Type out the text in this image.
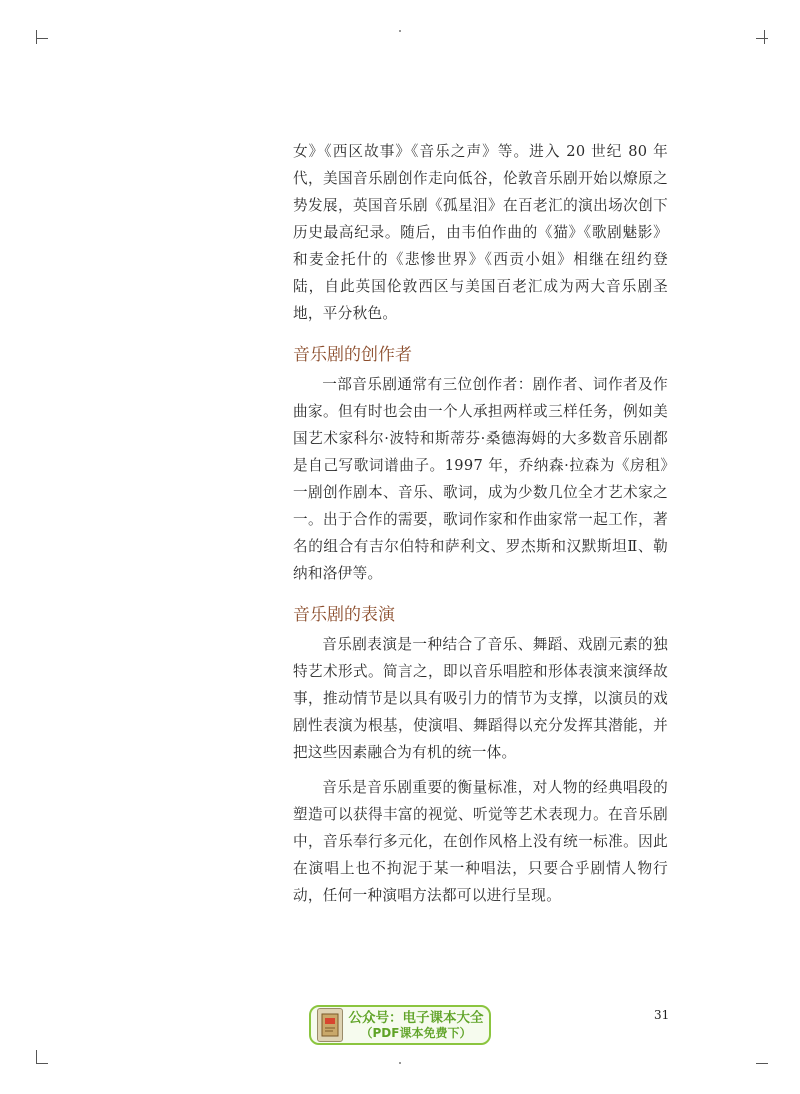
女》《西区故事》《音乐之声》等。进入 20 世纪 80 年代，美国音乐剧创作走向低谷，伦敦音乐剧开始以燎原之势发展，英国音乐剧《孤星泪》在百老汇的演出场次创下历史最高纪录。随后，由韦伯作曲的《猫》《歌剧魅影》和麦金托什的《悲惨世界》《西贡小姐》相继在纽约登陆，自此英国伦敦西区与美国百老汇成为两大音乐剧圣地，平分秋色。

音乐剧的创作者

一部音乐剧通常有三位创作者：剧作者、词作者及作曲家。但有时也会由一个人承担两样或三样任务，例如美国艺术家科尔·波特和斯蒂芬·桑德海姆的大多数音乐剧都是自己写歌词谱曲子。1997 年，乔纳森·拉森为《房租》一剧创作剧本、音乐、歌词，成为少数几位全才艺术家之一。出于合作的需要，歌词作家和作曲家常一起工作，著名的组合有吉尔伯特和萨利文、罗杰斯和汉默斯坦Ⅱ、勒纳和洛伊等。

音乐剧的表演

音乐剧表演是一种结合了音乐、舞蹈、戏剧元素的独特艺术形式。简言之，即以音乐唱腔和形体表演来演绎故事，推动情节是以具有吸引力的情节为支撑，以演员的戏剧性表演为根基，使演唱、舞蹈得以充分发挥其潜能，并把这些因素融合为有机的统一体。

音乐是音乐剧重要的衡量标准，对人物的经典唱段的塑造可以获得丰富的视觉、听觉等艺术表现力。在音乐剧中，音乐奉行多元化，在创作风格上没有统一标准。因此在演唱上也不拘泥于某一种唱法，只要合乎剧情人物行动，任何一种演唱方法都可以进行呈现。

公众号：电子课本大全
（PDF课本免费下）
31
